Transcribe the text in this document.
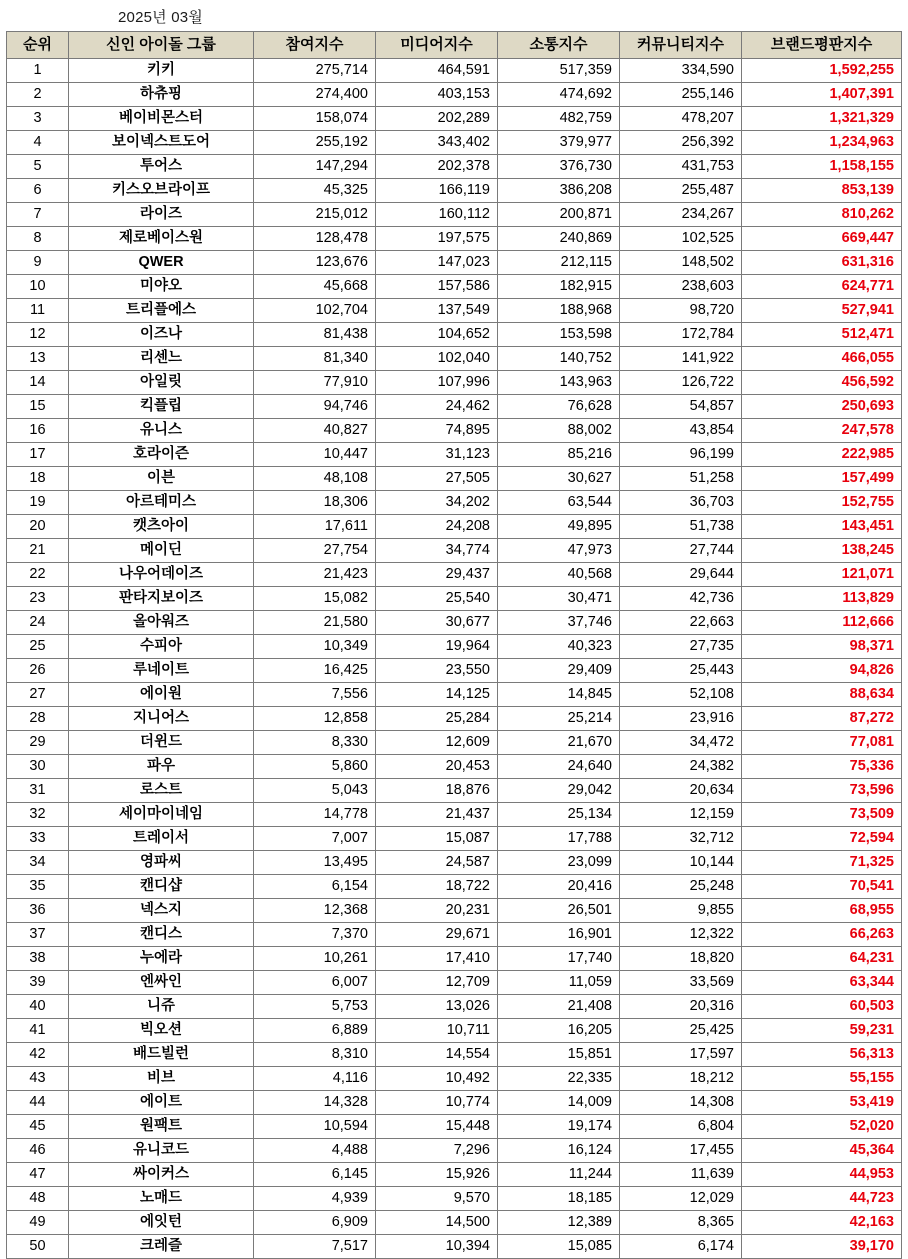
2025년 03월
순위	신인 아이돌 그룹	참여지수	미디어지수	소통지수	커뮤니티지수	브랜드평판지수
1	키키	275,714	464,591	517,359	334,590	1,592,255
2	하츄핑	274,400	403,153	474,692	255,146	1,407,391
3	베이비몬스터	158,074	202,289	482,759	478,207	1,321,329
4	보이넥스트도어	255,192	343,402	379,977	256,392	1,234,963
5	투어스	147,294	202,378	376,730	431,753	1,158,155
6	키스오브라이프	45,325	166,119	386,208	255,487	853,139
7	라이즈	215,012	160,112	200,871	234,267	810,262
8	제로베이스원	128,478	197,575	240,869	102,525	669,447
9	QWER	123,676	147,023	212,115	148,502	631,316
10	미야오	45,668	157,586	182,915	238,603	624,771
11	트리플에스	102,704	137,549	188,968	98,720	527,941
12	이즈나	81,438	104,652	153,598	172,784	512,471
13	리센느	81,340	102,040	140,752	141,922	466,055
14	아일릿	77,910	107,996	143,963	126,722	456,592
15	킥플립	94,746	24,462	76,628	54,857	250,693
16	유니스	40,827	74,895	88,002	43,854	247,578
17	호라이즌	10,447	31,123	85,216	96,199	222,985
18	이븐	48,108	27,505	30,627	51,258	157,499
19	아르테미스	18,306	34,202	63,544	36,703	152,755
20	캣츠아이	17,611	24,208	49,895	51,738	143,451
21	메이딘	27,754	34,774	47,973	27,744	138,245
22	나우어데이즈	21,423	29,437	40,568	29,644	121,071
23	판타지보이즈	15,082	25,540	30,471	42,736	113,829
24	올아워즈	21,580	30,677	37,746	22,663	112,666
25	수피아	10,349	19,964	40,323	27,735	98,371
26	루네이트	16,425	23,550	29,409	25,443	94,826
27	에이원	7,556	14,125	14,845	52,108	88,634
28	지니어스	12,858	25,284	25,214	23,916	87,272
29	더윈드	8,330	12,609	21,670	34,472	77,081
30	파우	5,860	20,453	24,640	24,382	75,336
31	로스트	5,043	18,876	29,042	20,634	73,596
32	세이마이네임	14,778	21,437	25,134	12,159	73,509
33	트레이서	7,007	15,087	17,788	32,712	72,594
34	영파씨	13,495	24,587	23,099	10,144	71,325
35	캔디샵	6,154	18,722	20,416	25,248	70,541
36	넥스지	12,368	20,231	26,501	9,855	68,955
37	캔디스	7,370	29,671	16,901	12,322	66,263
38	누에라	10,261	17,410	17,740	18,820	64,231
39	엔싸인	6,007	12,709	11,059	33,569	63,344
40	니쥬	5,753	13,026	21,408	20,316	60,503
41	빅오션	6,889	10,711	16,205	25,425	59,231
42	배드빌런	8,310	14,554	15,851	17,597	56,313
43	비브	4,116	10,492	22,335	18,212	55,155
44	에이트	14,328	10,774	14,009	14,308	53,419
45	원팩트	10,594	15,448	19,174	6,804	52,020
46	유니코드	4,488	7,296	16,124	17,455	45,364
47	싸이커스	6,145	15,926	11,244	11,639	44,953
48	노매드	4,939	9,570	18,185	12,029	44,723
49	에잇턴	6,909	14,500	12,389	8,365	42,163
50	크레즐	7,517	10,394	15,085	6,174	39,170
